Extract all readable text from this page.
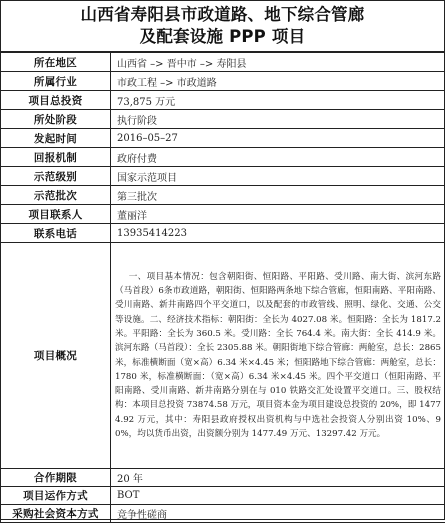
山西省寿阳县市政道路、地下综合管廊
及配套设施 PPP 项目
所在地区	山西省 –> 晋中市 –> 寿阳县
所属行业	市政工程 –> 市政道路
项目总投资	73,875 万元
所处阶段	执行阶段
发起时间	2016–05–27
回报机制	政府付费
示范级别	国家示范项目
示范批次	第三批次
项目联系人	董丽洋
联系电话	13935414223
项目概况	一、项目基本情况：包含朝阳街、恒阳路、平阳路、受川路、南大街、滨河东路（马首段）6条市政道路，朝阳街、恒阳路两条地下综合管廊，恒阳南路、平阳南路、受川南路、新井南路四个平交道口，以及配套的市政管线、照明、绿化、交通、公交等设施。二、经济技术指标：朝阳街：全长为 4027.08 米。恒阳路：全长为 1817.2 米。平阳路：全长为 360.5 米。受川路：全长 764.4 米。南大街：全长 414.9 米。滨河东路（马首段）：全长 2305.88 米。朝阳街地下综合管廊：两舱室，总长：2865 米，标准横断面（宽×高）6.34 米×4.45 米；恒阳路地下综合管廊：两舱室，总长：1780 米，标准横断面：（宽×高）6.34 米×4.45 米。四个平交道口（恒阳南路、平阳南路、受川南路、新井南路分别在与 010 铁路交汇处设置平交道口。三、股权结构：本项目总投资 73874.58 万元，项目资本金为项目建设总投资的 20%，即 14774.92 万元，其中：寿阳县政府授权出资机构与中选社会投资人分别出资 10%、90%，均以货币出资，出资额分别为 1477.49 万元、13297.42 万元。

合作期限	20 年
项目运作方式	BOT
采购社会资本方式	竞争性磋商
